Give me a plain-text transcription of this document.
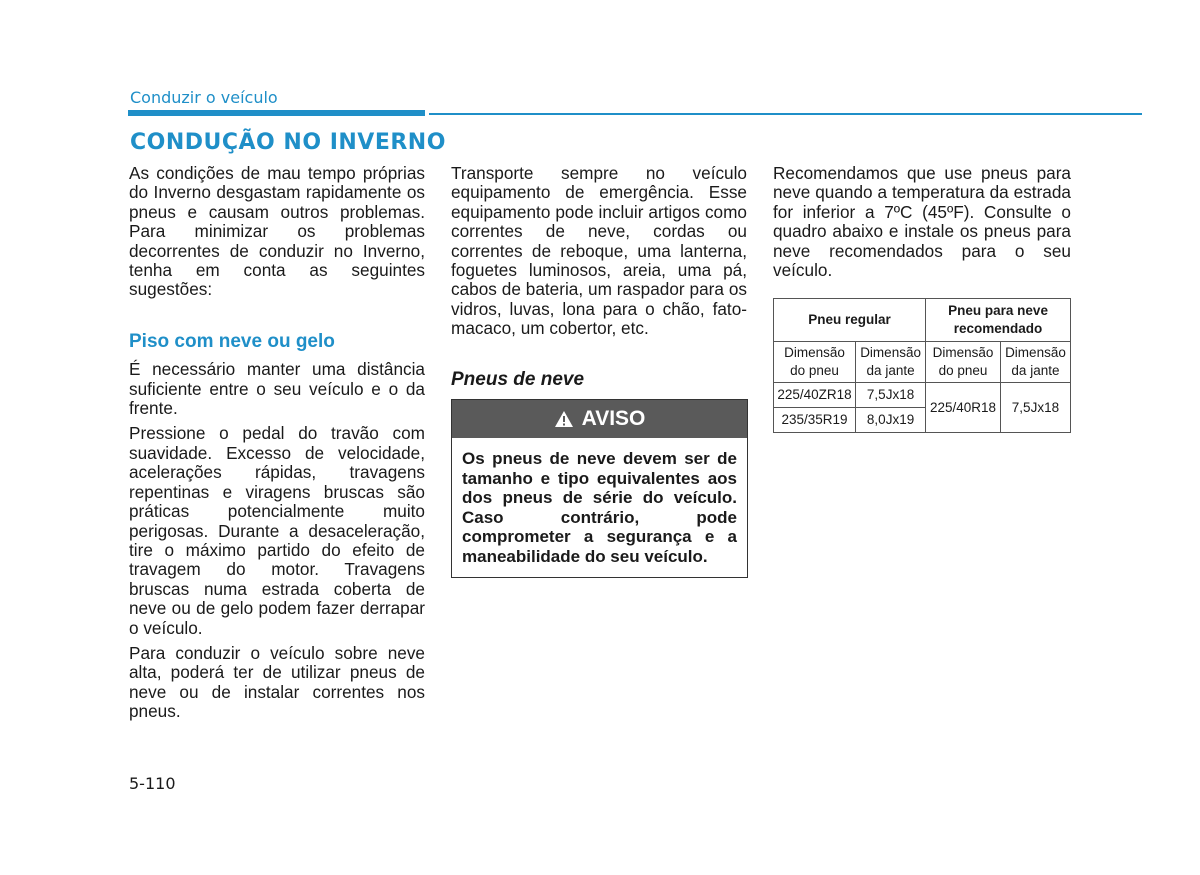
Conduzir o veículo
CONDUÇÃO NO INVERNO

As condições de mau tempo próprias do Inverno desgastam rapidamente os pneus e causam outros problemas. Para minimizar os problemas decorrentes de conduzir no Inverno, tenha em conta as seguintes sugestões:

Piso com neve ou gelo

É necessário manter uma distância suficiente entre o seu veículo e o da frente.

Pressione o pedal do travão com suavidade. Excesso de velocidade, acelerações rápidas, travagens repentinas e viragens bruscas são práticas potencialmente muito perigosas. Durante a desaceleração, tire o máximo partido do efeito de travagem do motor. Travagens bruscas numa estrada coberta de neve ou de gelo podem fazer derrapar o veículo.

Para conduzir o veículo sobre neve alta, poderá ter de utilizar pneus de neve ou de instalar correntes nos pneus.

Transporte sempre no veículo equipamento de emergência. Esse equipamento pode incluir artigos como correntes de neve, cordas ou correntes de reboque, uma lanterna, foguetes luminosos, areia, uma pá, cabos de bateria, um raspador para os vidros, luvas, lona para o chão, fato-macaco, um cobertor, etc.

Pneus de neve
AVISO
Os pneus de neve devem ser de tamanho e tipo equivalentes aos dos pneus de série do veículo. Caso contrário, pode comprometer a segurança e a maneabilidade do seu veículo.

Recomendamos que use pneus para neve quando a temperatura da estrada for inferior a 7ºC (45ºF). Consulte o quadro abaixo e instale os pneus para neve recomendados para o seu veículo.

Pneu regular		Pneu para neve recomendado	
Dimensão do pneu	Dimensão da jante	Dimensão do pneu	Dimensão da jante
225/40ZR18	7,5Jx18	225/40R18	7,5Jx18
235/35R19	8,0Jx19		
5-110
